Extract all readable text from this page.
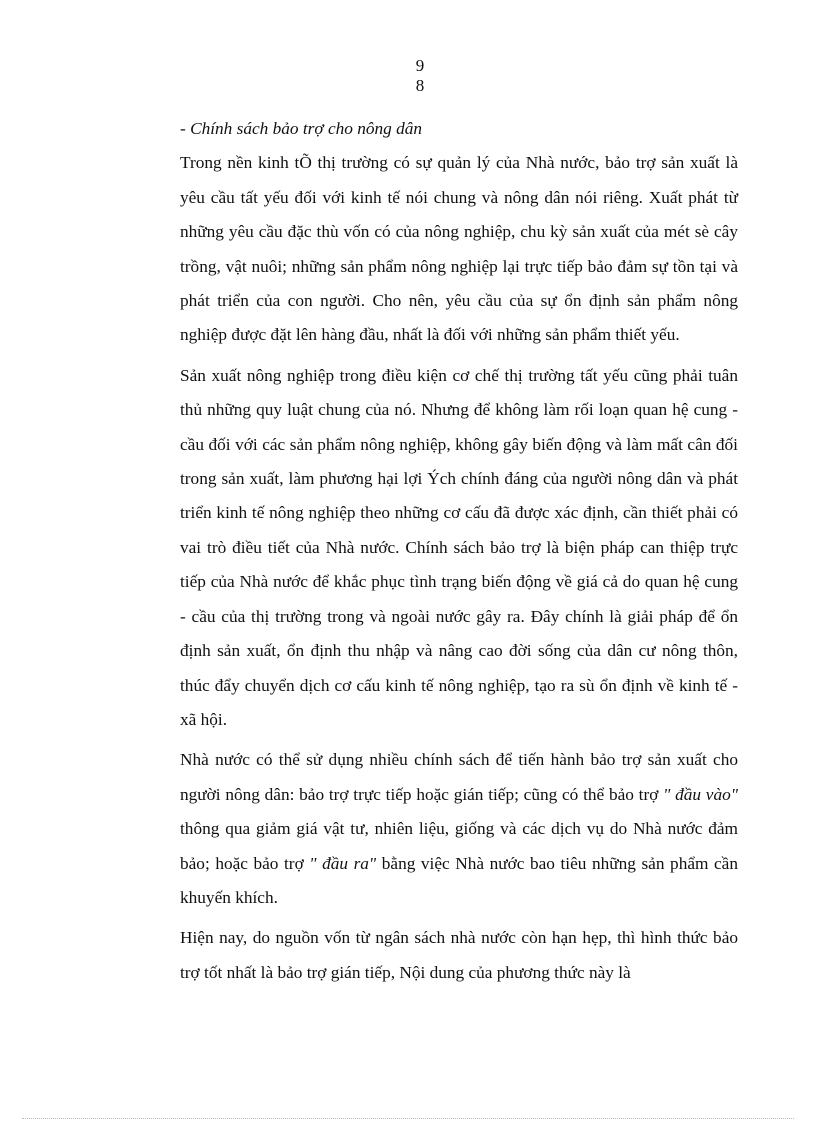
9
8

- Chính sách bảo trợ cho nông dân

Trong nền kinh tÕ thị trường có sự quản lý của Nhà nước, bảo trợ sản xuất là yêu cầu tất yếu đối với kinh tế nói chung và nông dân nói riêng. Xuất phát từ những yêu cầu đặc thù vốn có của nông nghiệp, chu kỳ sản xuất của mét sè cây trồng, vật nuôi; những sản phẩm nông nghiệp lại trực tiếp bảo đảm sự tồn tại và phát triển của con người. Cho nên, yêu cầu của sự ổn định sản phẩm nông nghiệp được đặt lên hàng đầu, nhất là đối với những sản phẩm thiết yếu.

Sản xuất nông nghiệp trong điều kiện cơ chế thị trường tất yếu cũng phải tuân thủ những quy luật chung của nó. Nhưng để không làm rối loạn quan hệ cung - cầu đối với các sản phẩm nông nghiệp, không gây biến động và làm mất cân đối trong sản xuất, làm phương hại lợi Ých chính đáng của người nông dân và phát triển kinh tế nông nghiệp theo những cơ cấu đã được xác định, cần thiết phải có vai trò điều tiết của Nhà nước. Chính sách bảo trợ là biện pháp can thiệp trực tiếp của Nhà nước để khắc phục tình trạng biến động về giá cả do quan hệ cung - cầu của thị trường trong và ngoài nước gây ra. Đây chính là giải pháp để ổn định sản xuất, ổn định thu nhập và nâng cao đời sống của dân cư nông thôn, thúc đẩy chuyển dịch cơ cấu kinh tế nông nghiệp, tạo ra sù ổn định về kinh tế - xã hội.

Nhà nước có thể sử dụng nhiều chính sách để tiến hành bảo trợ sản xuất cho người nông dân: bảo trợ trực tiếp hoặc gián tiếp; cũng có thể bảo trợ " đầu vào" thông qua giảm giá vật tư, nhiên liệu, giống và các dịch vụ do Nhà nước đảm bảo; hoặc bảo trợ " đầu ra" bằng việc Nhà nước bao tiêu những sản phẩm cần khuyến khích.

Hiện nay, do nguồn vốn từ ngân sách nhà nước còn hạn hẹp, thì hình thức bảo trợ tốt nhất là bảo trợ gián tiếp, Nội dung của phương thức này là
